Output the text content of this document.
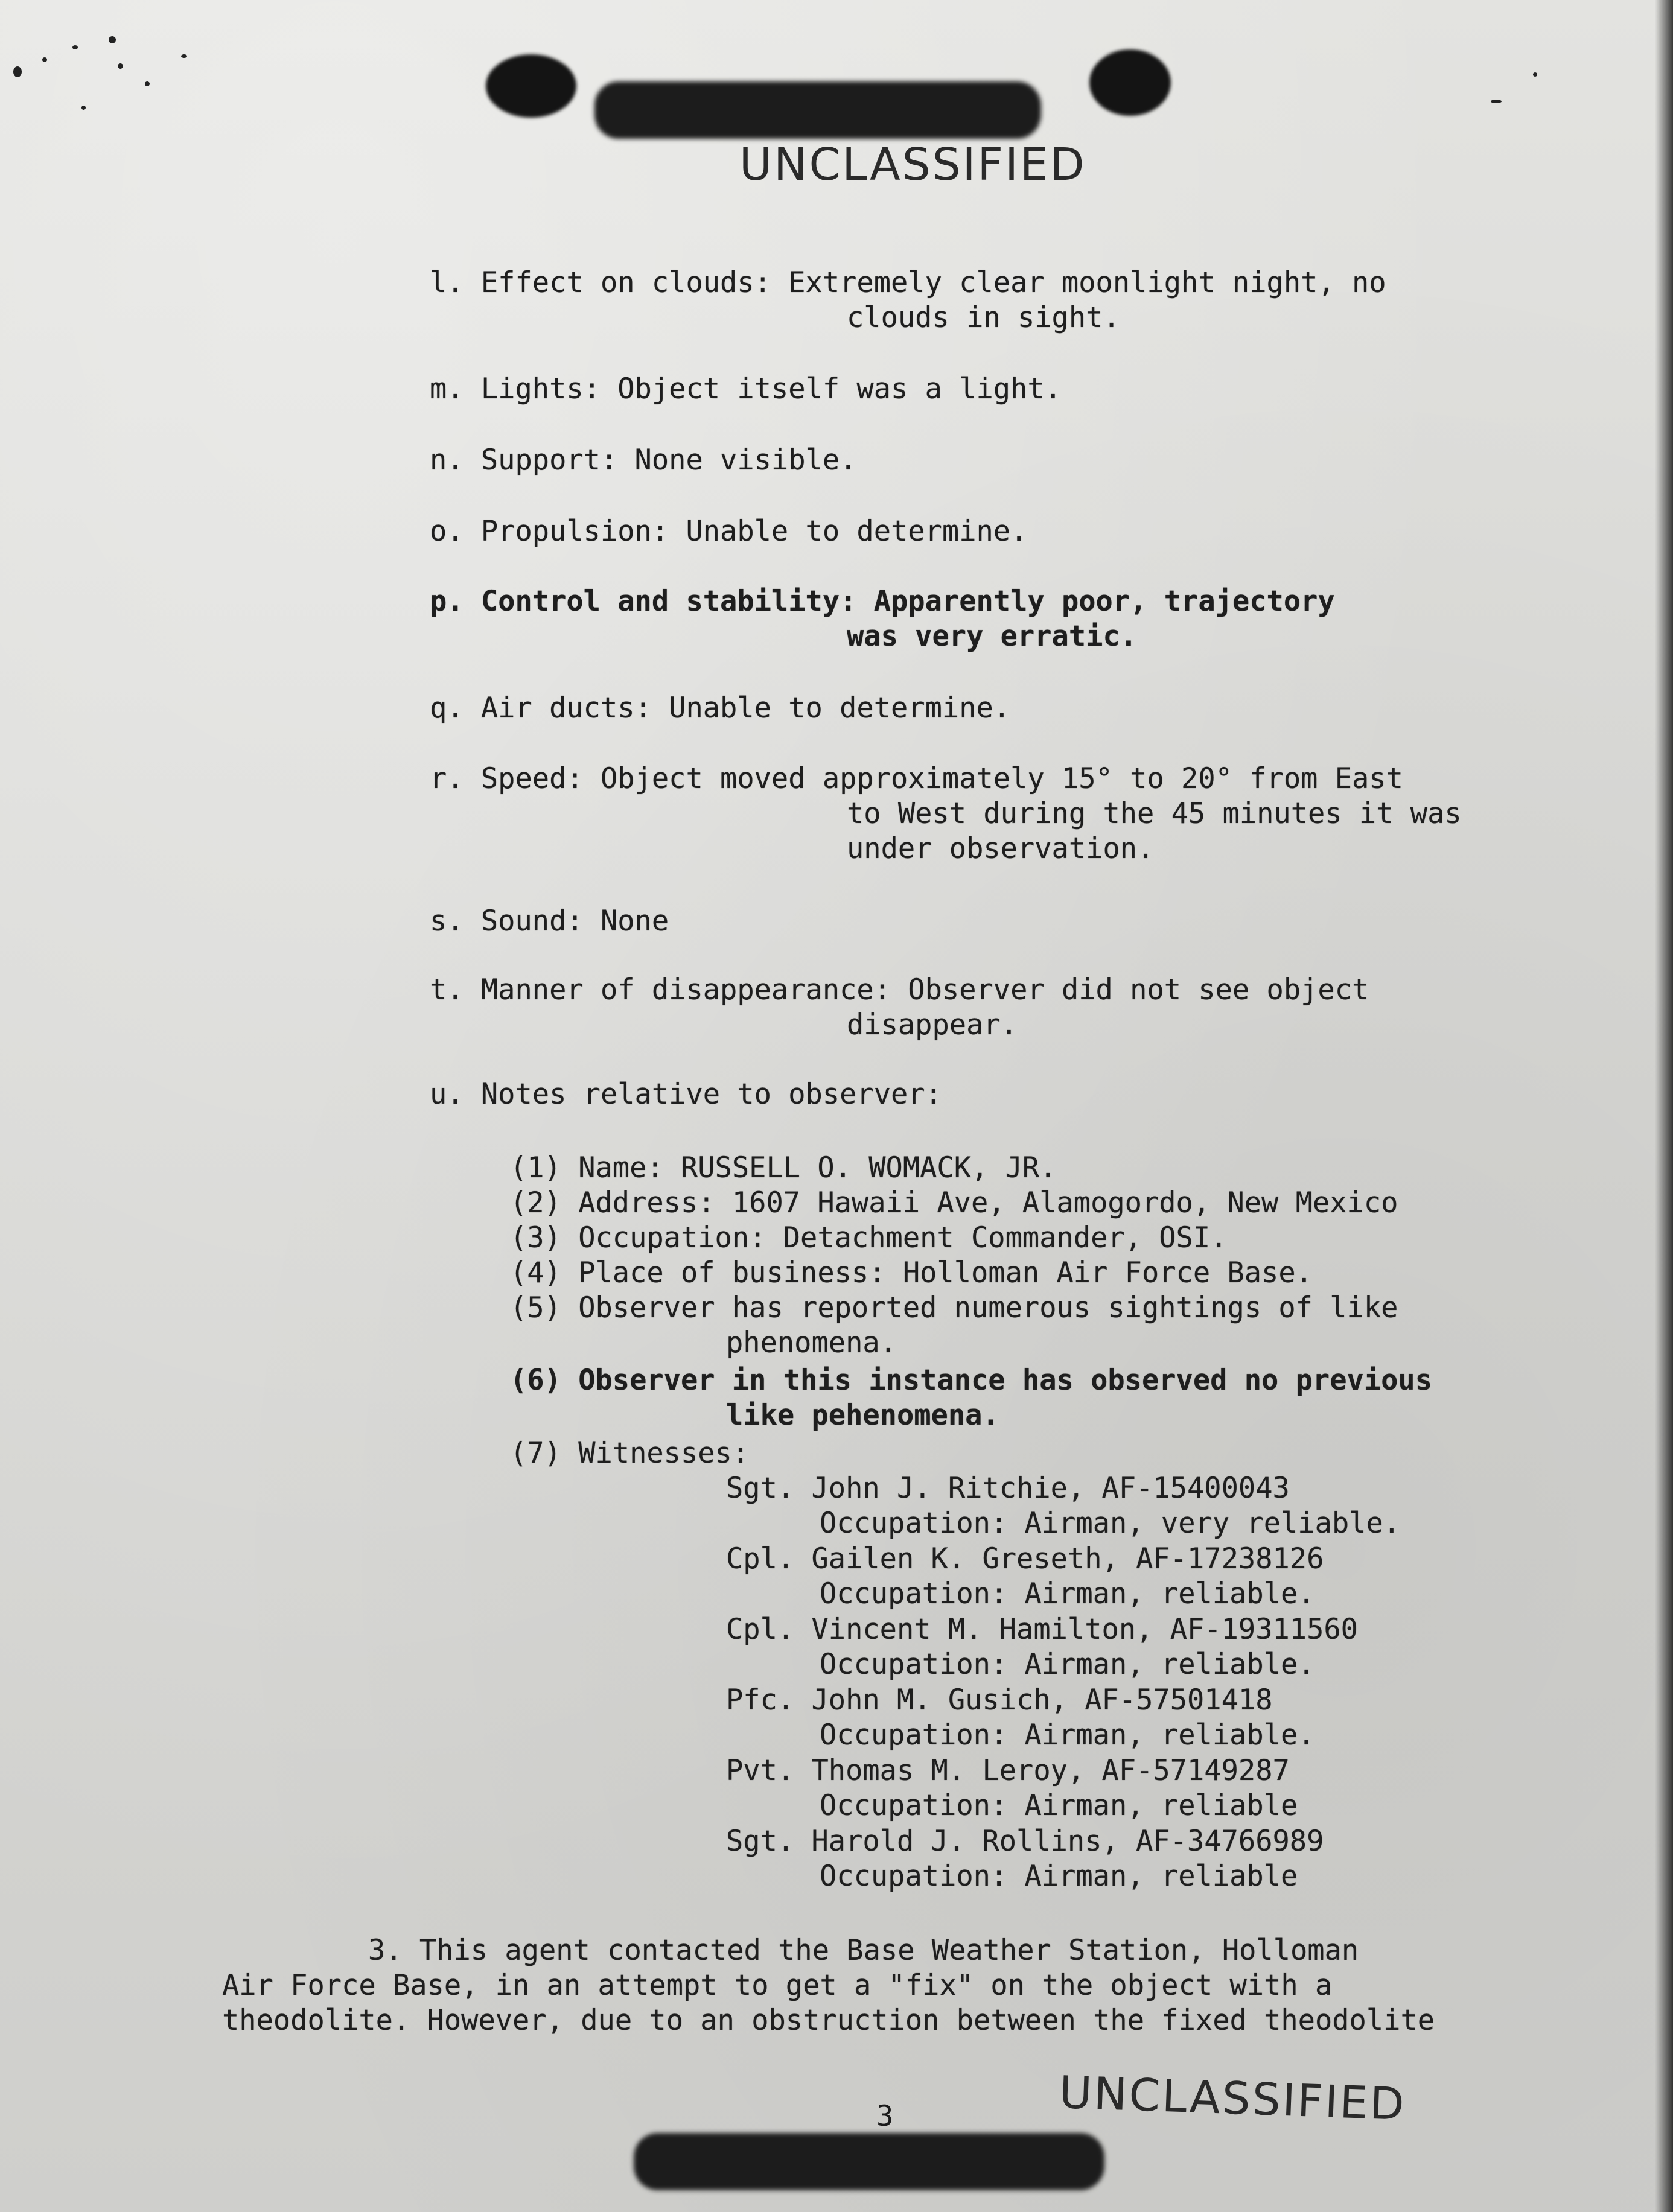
UNCLASSIFIED
l. Effect on clouds: Extremely clear moonlight night, no
clouds in sight.
m. Lights: Object itself was a light.
n. Support: None visible.
o. Propulsion: Unable to determine.
p. Control and stability: Apparently poor, trajectory
was very erratic.
q. Air ducts: Unable to determine.
r. Speed: Object moved approximately 15° to 20° from East
to West during the 45 minutes it was
under observation.
s. Sound: None
t. Manner of disappearance: Observer did not see object
disappear.
u. Notes relative to observer:
(1) Name: RUSSELL O. WOMACK, JR.
(2) Address: 1607 Hawaii Ave, Alamogordo, New Mexico
(3) Occupation: Detachment Commander, OSI.
(4) Place of business: Holloman Air Force Base.
(5) Observer has reported numerous sightings of like
phenomena.
(6) Observer in this instance has observed no previous
like pehenomena.
(7) Witnesses:
Sgt. John J. Ritchie, AF-15400043
Occupation: Airman, very reliable.
Cpl. Gailen K. Greseth, AF-17238126
Occupation: Airman, reliable.
Cpl. Vincent M. Hamilton, AF-19311560
Occupation: Airman, reliable.
Pfc. John M. Gusich, AF-57501418
Occupation: Airman, reliable.
Pvt. Thomas M. Leroy, AF-57149287
Occupation: Airman, reliable
Sgt. Harold J. Rollins, AF-34766989
Occupation: Airman, reliable
3. This agent contacted the Base Weather Station, Holloman
Air Force Base, in an attempt to get a "fix" on the object with a
theodolite. However, due to an obstruction between the fixed theodolite
3	UNCLASSIFIED
